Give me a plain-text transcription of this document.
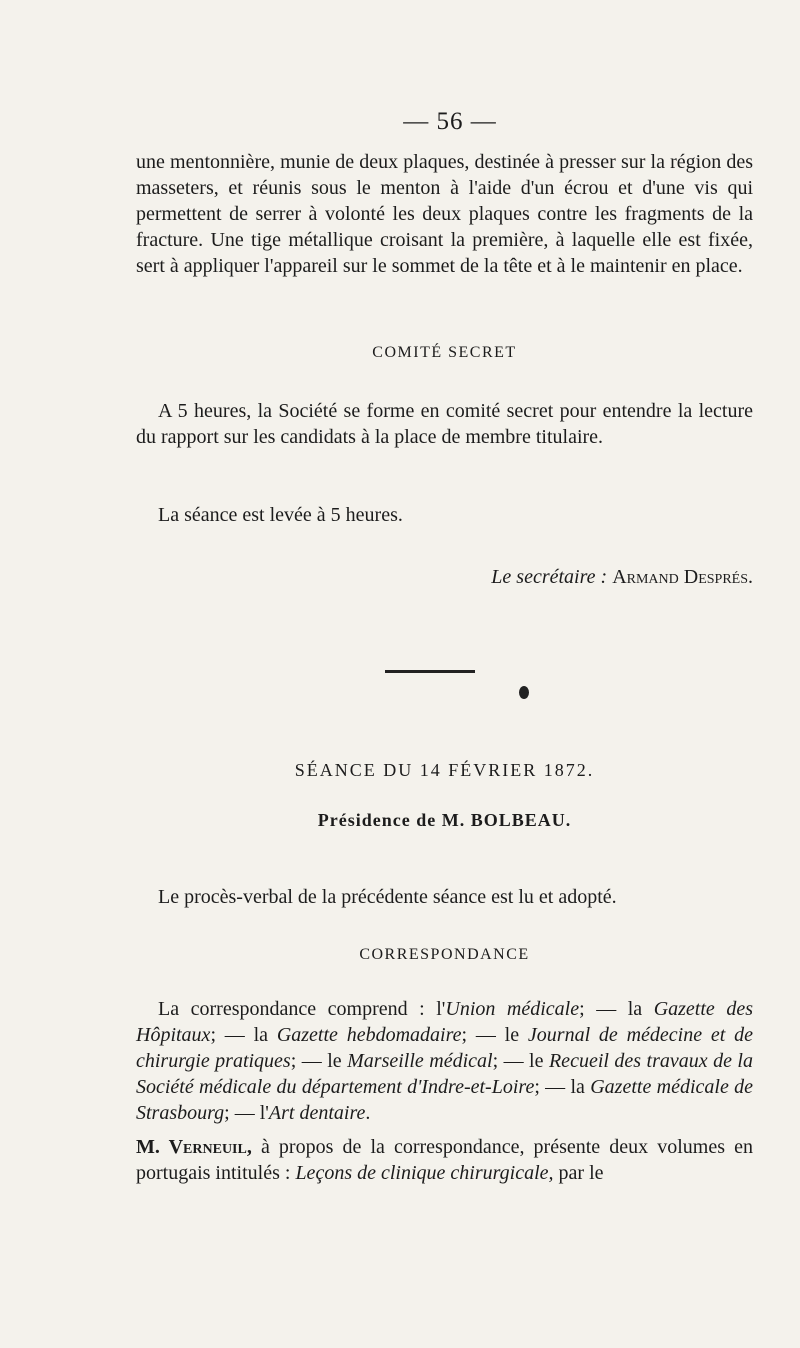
— 56 —

une mentonnière, munie de deux plaques, destinée à presser sur la région des masseters, et réunis sous le menton à l'aide d'un écrou et d'une vis qui permettent de serrer à volonté les deux plaques contre les fragments de la fracture. Une tige métallique croisant la première, à laquelle elle est fixée, sert à appliquer l'appareil sur le sommet de la tête et à le maintenir en place.

COMITÉ SECRET

A 5 heures, la Société se forme en comité secret pour entendre la lecture du rapport sur les candidats à la place de membre titulaire.

La séance est levée à 5 heures.

Le secrétaire : Armand Després.
SÉANCE DU 14 FÉVRIER 1872.
Présidence de M. BOLBEAU.

Le procès-verbal de la précédente séance est lu et adopté.

CORRESPONDANCE

La correspondance comprend : l'Union médicale; — la Gazette des Hôpitaux; — la Gazette hebdomadaire; — le Journal de médecine et de chirurgie pratiques; — le Marseille médical; — le Recueil des travaux de la Société médicale du département d'Indre-et-Loire; — la Gazette médicale de Strasbourg; — l'Art dentaire.

M. Verneuil, à propos de la correspondance, présente deux volumes en portugais intitulés : Leçons de clinique chirurgicale, par le
